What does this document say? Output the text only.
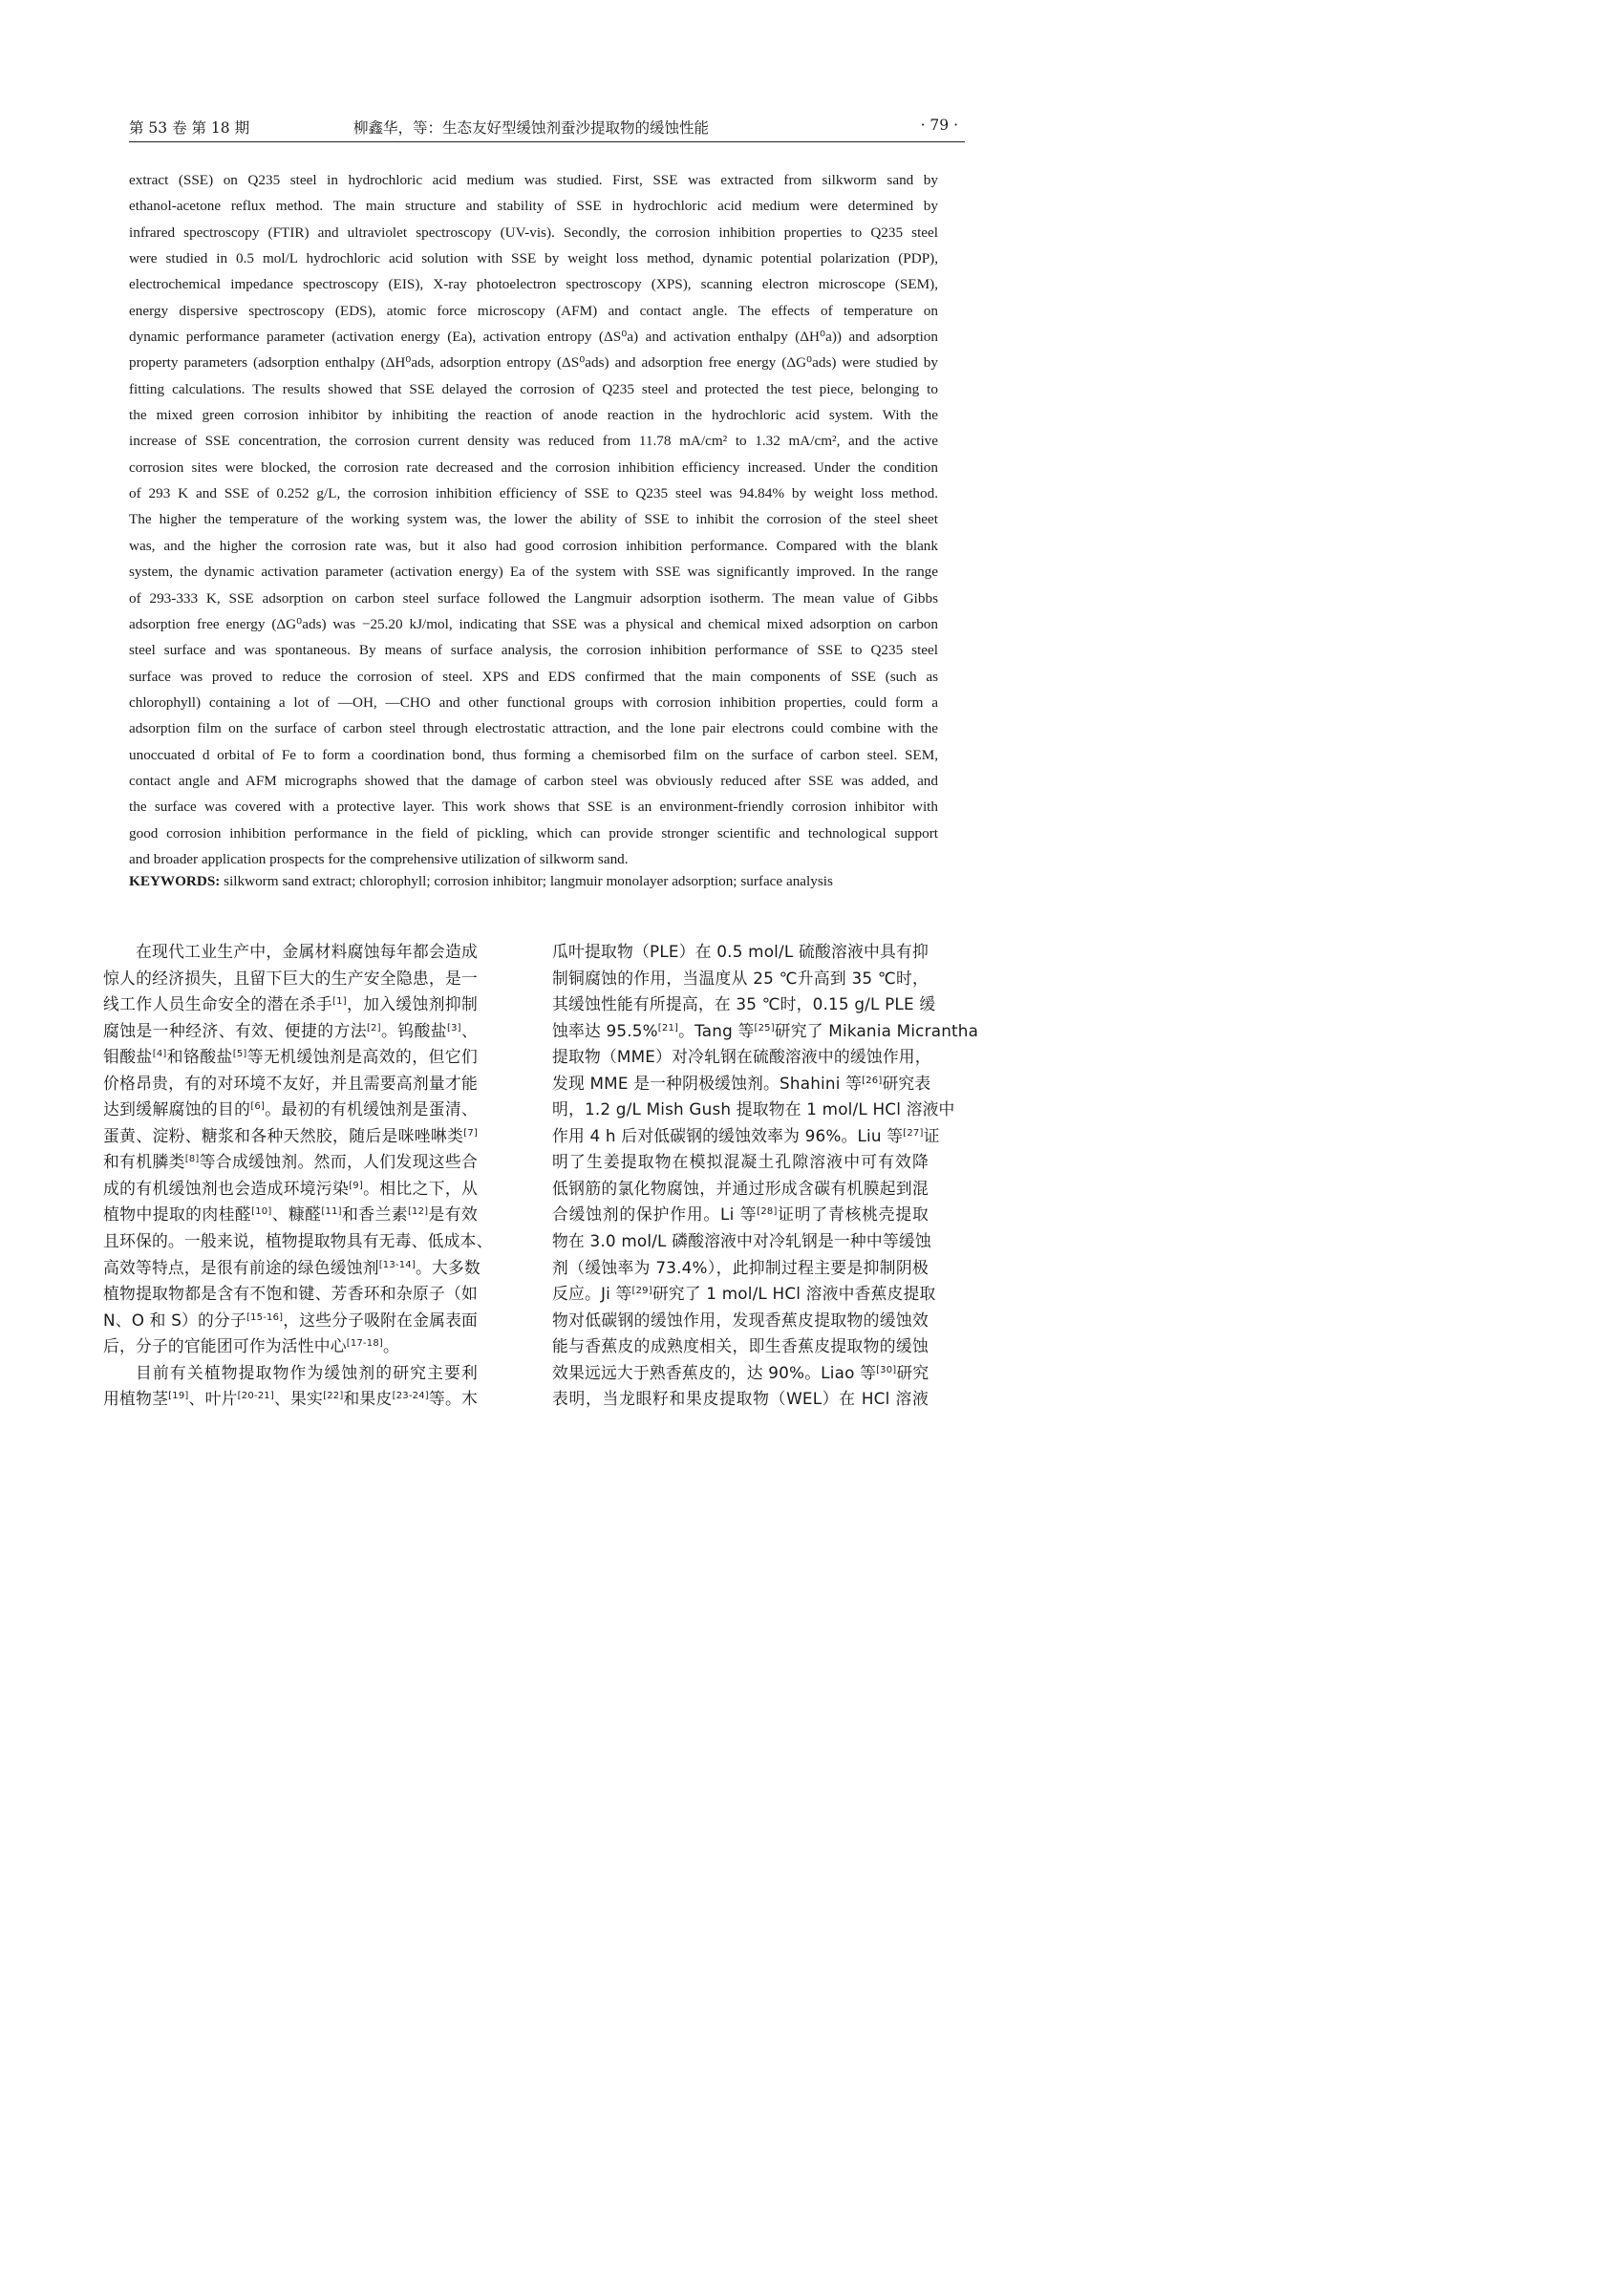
第 53 卷 第 18 期	柳鑫华，等：生态友好型缓蚀剂蚕沙提取物的缓蚀性能	· 79 ·
extract (SSE) on Q235 steel in hydrochloric acid medium was studied. First, SSE was extracted from silkworm sand by
ethanol-acetone reflux method. The main structure and stability of SSE in hydrochloric acid medium were determined by
infrared spectroscopy (FTIR) and ultraviolet spectroscopy (UV-vis). Secondly, the corrosion inhibition properties to Q235 steel
were studied in 0.5 mol/L hydrochloric acid solution with SSE by weight loss method, dynamic potential polarization (PDP),
electrochemical impedance spectroscopy (EIS), X-ray photoelectron spectroscopy (XPS), scanning electron microscope (SEM),
energy dispersive spectroscopy (EDS), atomic force microscopy (AFM) and contact angle. The effects of temperature on
dynamic performance parameter (activation energy (Ea), activation entropy (ΔS⁰a) and activation enthalpy (ΔH⁰a)) and adsorption
property parameters (adsorption enthalpy (ΔH⁰ads, adsorption entropy (ΔS⁰ads) and adsorption free energy (ΔG⁰ads) were studied by
fitting calculations. The results showed that SSE delayed the corrosion of Q235 steel and protected the test piece, belonging to
the mixed green corrosion inhibitor by inhibiting the reaction of anode reaction in the hydrochloric acid system. With the
increase of SSE concentration, the corrosion current density was reduced from 11.78 mA/cm² to 1.32 mA/cm², and the active
corrosion sites were blocked, the corrosion rate decreased and the corrosion inhibition efficiency increased. Under the condition
of 293 K and SSE of 0.252 g/L, the corrosion inhibition efficiency of SSE to Q235 steel was 94.84% by weight loss method.
The higher the temperature of the working system was, the lower the ability of SSE to inhibit the corrosion of the steel sheet
was, and the higher the corrosion rate was, but it also had good corrosion inhibition performance. Compared with the blank
system, the dynamic activation parameter (activation energy) Ea of the system with SSE was significantly improved. In the range
of 293-333 K, SSE adsorption on carbon steel surface followed the Langmuir adsorption isotherm. The mean value of Gibbs
adsorption free energy (ΔG⁰ads) was −25.20 kJ/mol, indicating that SSE was a physical and chemical mixed adsorption on carbon
steel surface and was spontaneous. By means of surface analysis, the corrosion inhibition performance of SSE to Q235 steel
surface was proved to reduce the corrosion of steel. XPS and EDS confirmed that the main components of SSE (such as
chlorophyll) containing a lot of —OH, —CHO and other functional groups with corrosion inhibition properties, could form a
adsorption film on the surface of carbon steel through electrostatic attraction, and the lone pair electrons could combine with the
unoccuated d orbital of Fe to form a coordination bond, thus forming a chemisorbed film on the surface of carbon steel. SEM,
contact angle and AFM micrographs showed that the damage of carbon steel was obviously reduced after SSE was added, and
the surface was covered with a protective layer. This work shows that SSE is an environment-friendly corrosion inhibitor with
good corrosion inhibition performance in the field of pickling, which can provide stronger scientific and technological support
and broader application prospects for the comprehensive utilization of silkworm sand.
KEYWORDS: silkworm sand extract; chlorophyll; corrosion inhibitor; langmuir monolayer adsorption; surface analysis
在现代工业生产中，金属材料腐蚀每年都会造成
惊人的经济损失，且留下巨大的生产安全隐患，是一
线工作人员生命安全的潜在杀手[1]，加入缓蚀剂抑制
腐蚀是一种经济、有效、便捷的方法[2]。钨酸盐[3]、
钼酸盐[4]和铬酸盐[5]等无机缓蚀剂是高效的，但它们
价格昂贵，有的对环境不友好，并且需要高剂量才能
达到缓解腐蚀的目的[6]。最初的有机缓蚀剂是蛋清、
蛋黄、淀粉、糖浆和各种天然胶，随后是咪唑啉类[7]
和有机膦类[8]等合成缓蚀剂。然而，人们发现这些合
成的有机缓蚀剂也会造成环境污染[9]。相比之下，从
植物中提取的肉桂醛[10]、糠醛[11]和香兰素[12]是有效
且环保的。一般来说，植物提取物具有无毒、低成本、
高效等特点，是很有前途的绿色缓蚀剂[13-14]。大多数
植物提取物都是含有不饱和键、芳香环和杂原子（如
N、O 和 S）的分子[15-16]，这些分子吸附在金属表面
后，分子的官能团可作为活性中心[17-18]。
目前有关植物提取物作为缓蚀剂的研究主要利
用植物茎[19]、叶片[20-21]、果实[22]和果皮[23-24]等。木
瓜叶提取物（PLE）在 0.5 mol/L 硫酸溶液中具有抑
制铜腐蚀的作用，当温度从 25 ℃升高到 35 ℃时，
其缓蚀性能有所提高，在 35 ℃时，0.15 g/L PLE 缓
蚀率达 95.5%[21]。Tang 等[25]研究了 Mikania Micrantha
提取物（MME）对冷轧钢在硫酸溶液中的缓蚀作用，
发现 MME 是一种阴极缓蚀剂。Shahini 等[26]研究表
明，1.2 g/L Mish Gush 提取物在 1 mol/L HCl 溶液中
作用 4 h 后对低碳钢的缓蚀效率为 96%。Liu 等[27]证
明了生姜提取物在模拟混凝土孔隙溶液中可有效降
低钢筋的氯化物腐蚀，并通过形成含碳有机膜起到混
合缓蚀剂的保护作用。Li 等[28]证明了青核桃壳提取
物在 3.0 mol/L 磷酸溶液中对冷轧钢是一种中等缓蚀
剂（缓蚀率为 73.4%），此抑制过程主要是抑制阴极
反应。Ji 等[29]研究了 1 mol/L HCl 溶液中香蕉皮提取
物对低碳钢的缓蚀作用，发现香蕉皮提取物的缓蚀效
能与香蕉皮的成熟度相关，即生香蕉皮提取物的缓蚀
效果远远大于熟香蕉皮的，达 90%。Liao 等[30]研究
表明，当龙眼籽和果皮提取物（WEL）在 HCl 溶液
